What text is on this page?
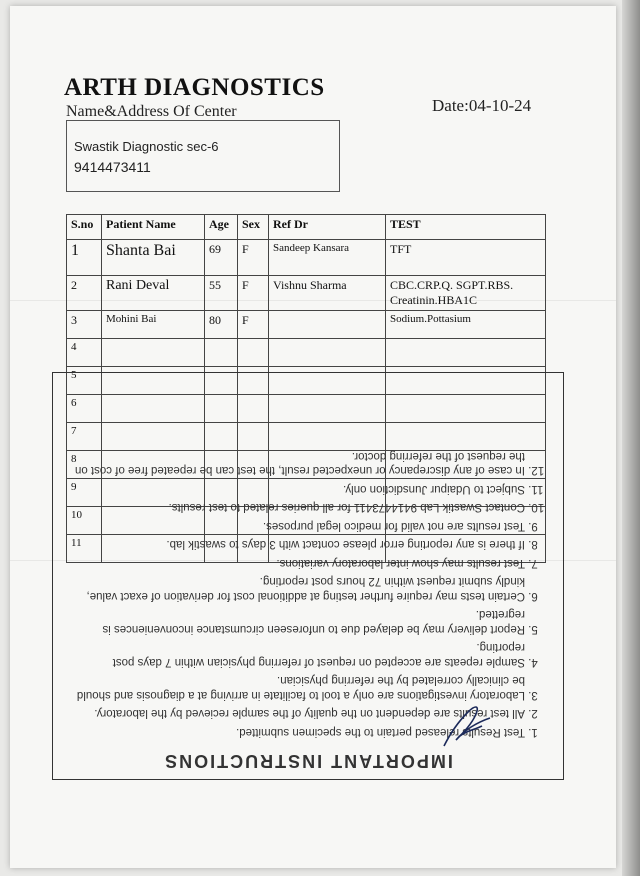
ARTH DIAGNOSTICS
Name&Address Of Center	Date:04-10-24
Swastik Diagnostic sec-6
9414473411
S.no	Patient Name	Age	Sex	Ref Dr	TEST
1	Shanta Bai	69	F	Sandeep Kansara	TFT
2	Rani Deval	55	F	Vishnu Sharma	CBC.CRP.Q. SGPT.RBS. Creatinin.HBA1C
3	Mohini Bai	80	F		Sodium.Pottasium
4					
5					
6					
7					
8					
9					
10					
11					
IMPORTANT INSTRUCTIONS
1. Test Results released pertain to the specimen submitted.
2. All test results are dependent on the quality of the sample recieved by the laboratory.
3. Laboratory investigations are only a tool to facilitate in arriving at a diagnosis and should be clinically correlated by the referring physician.
4. Sample repeats are accepted on request of referring physician within 7 days post reporting.
5. Report delivery may be delayed due to unforeseen circumstance inconveniences is regretted.
6. Certain tests may require further testing at additional cost for derivation of exact value, kindly submit request within 72 hours post reporting.
7. Test results may show inter laboratory variations.
8. If there is any reporting error please contact with 3 days to swastik lab.
9. Test results are not valid for medico legal purposes.
10. Contact Swastik Lab 9414473411 for all queries related to test results.
11. Subject to Udaipur Junsdiction only.
12. In case of any discrepancy or unexpected result, the test can be repeated free of cost on the request of the referring doctor.
